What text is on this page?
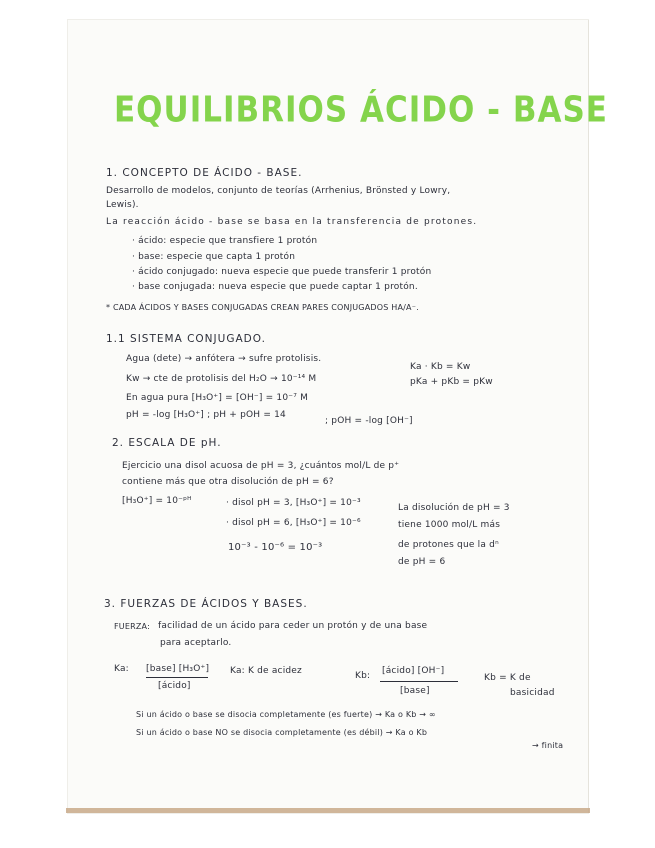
EQUILIBRIOS ÁCIDO - BASE
1. CONCEPTO DE ÁCIDO - BASE.
Desarrollo de modelos, conjunto de teorías (Arrhenius, Brönsted y Lowry,
Lewis).
La reacción ácido - base se basa en la transferencia de protones.
· ácido: especie que transfiere 1 protón
· base: especie que capta 1 protón
· ácido conjugado: nueva especie que puede transferir 1 protón
· base conjugada: nueva especie que puede captar 1 protón.
* CADA ÁCIDOS Y BASES CONJUGADAS CREAN PARES CONJUGADOS HA/A⁻.
1.1 SISTEMA CONJUGADO.
Agua (dete) → anfótera → sufre protolisis.
Kw → cte de protolisis del H₂O → 10⁻¹⁴ M
En agua pura [H₃O⁺] = [OH⁻] = 10⁻⁷ M
pH = -log [H₃O⁺] ; pH + pOH = 14
; pOH = -log [OH⁻]
Ka · Kb = Kw
pKa + pKb = pKw
2. ESCALA DE pH.
Ejercicio una disol acuosa de pH = 3, ¿cuántos mol/L de p⁺
contiene más que otra disolución de pH = 6?
[H₃O⁺] = 10⁻ᵖᴴ	· disol pH = 3, [H₃O⁺] = 10⁻³
· disol pH = 6, [H₃O⁺] = 10⁻⁶
10⁻³ - 10⁻⁶ = 10⁻³
La disolución de pH = 3
tiene 1000 mol/L más
de protones que la dⁿ
de pH = 6
3. FUERZAS DE ÁCIDOS Y BASES.
FUERZA: facilidad de un ácido para ceder un protón y de una base
para aceptarlo.
Ka: [base] [H₃O⁺]
[ácido]
Ka: K de acidez	Kb: [ácido] [OH⁻]
[base]
Kb = K de
basicidad
Si un ácido o base se disocia completamente (es fuerte) → Ka o Kb → ∞
Si un ácido o base NO se disocia completamente (es débil) → Ka o Kb
→ finita
